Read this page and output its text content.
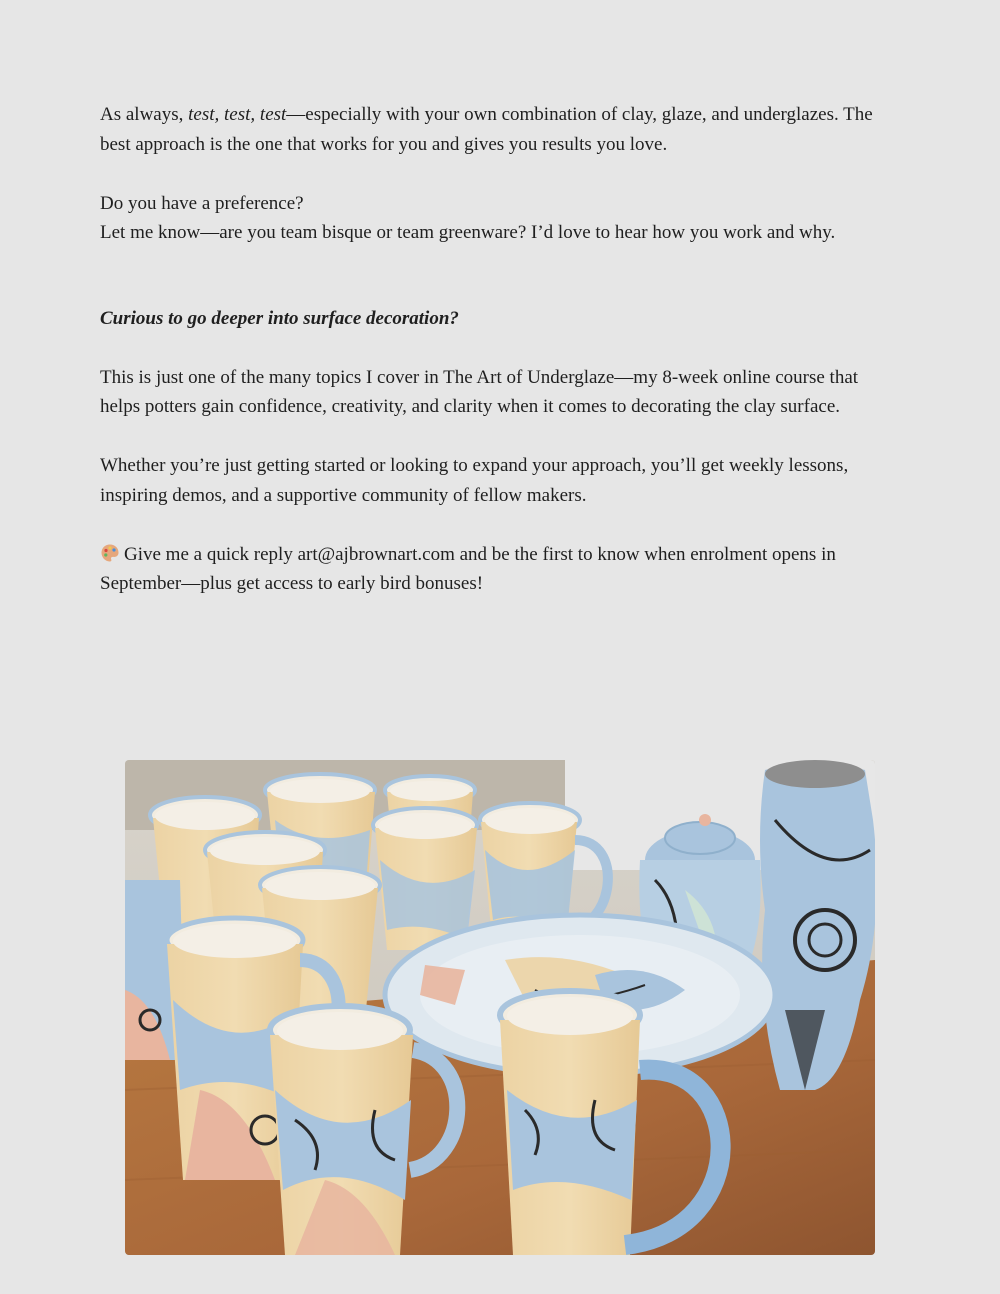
As always, test, test, test—especially with your own combination of clay, glaze, and underglazes. The best approach is the one that works for you and gives you results you love.

Do you have a preference?

Let me know—are you team bisque or team greenware? I’d love to hear how you work and why.

Curious to go deeper into surface decoration?

This is just one of the many topics I cover in The Art of Underglaze—my 8-week online course that helps potters gain confidence, creativity, and clarity when it comes to decorating the clay surface.

Whether you’re just getting started or looking to expand your approach, you’ll get weekly lessons, inspiring demos, and a supportive community of fellow makers.

Give me a quick reply art@ajbrownart.com and be the first to know when enrolment opens in September—plus get access to early bird bonuses!
